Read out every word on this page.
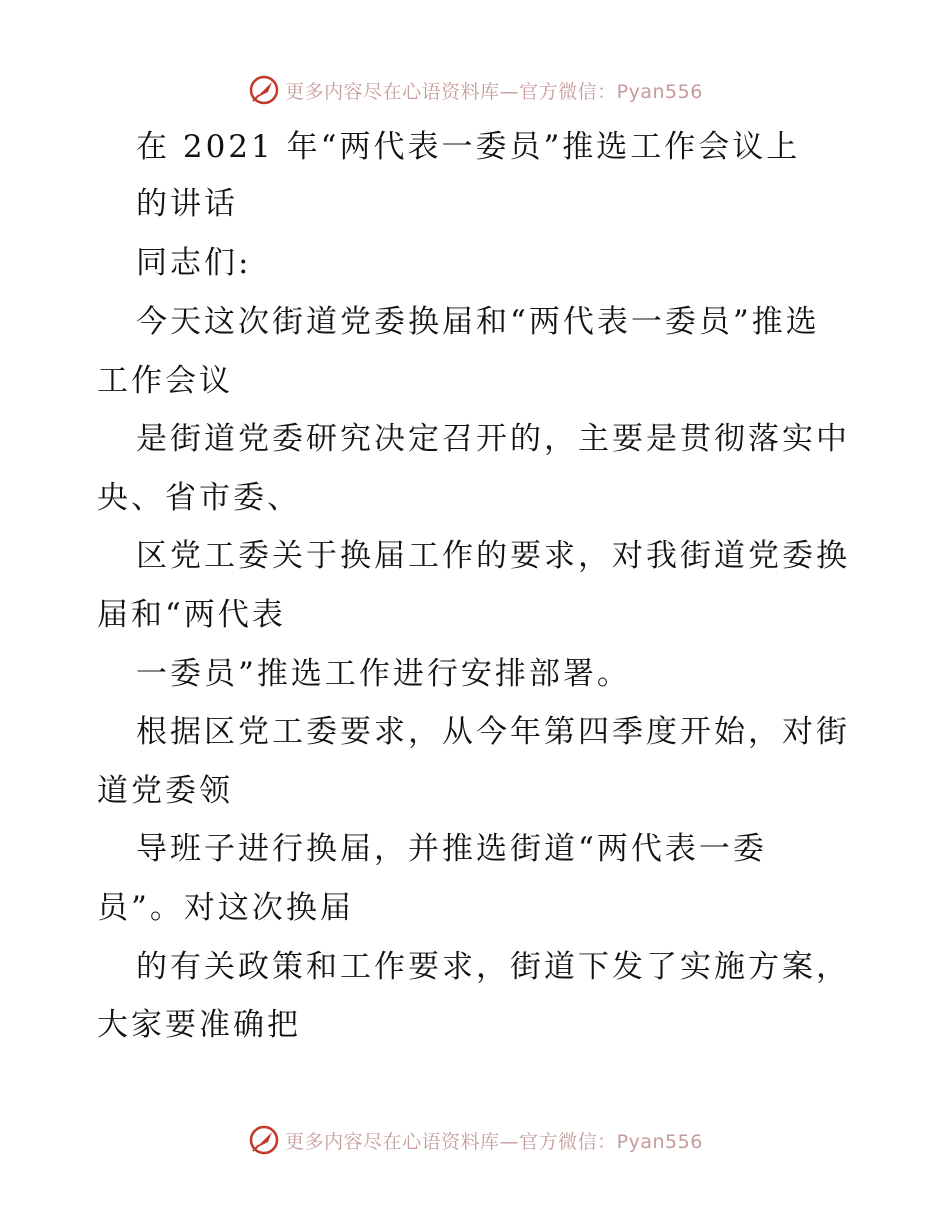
更多内容尽在心语资料库—官方微信：Pyan556
在 2021 年“两代表一委员”推选工作会议上
的讲话
同志们:
今天这次街道党委换届和“两代表一委员”推选
工作会议
是街道党委研究决定召开的，主要是贯彻落实中
央、省市委、
区党工委关于换届工作的要求，对我街道党委换
届和“两代表
一委员”推选工作进行安排部署。
根据区党工委要求，从今年第四季度开始，对街
道党委领
导班子进行换届，并推选街道“两代表一委
员”。对这次换届
的有关政策和工作要求，街道下发了实施方案，
大家要准确把
更多内容尽在心语资料库—官方微信：Pyan556
